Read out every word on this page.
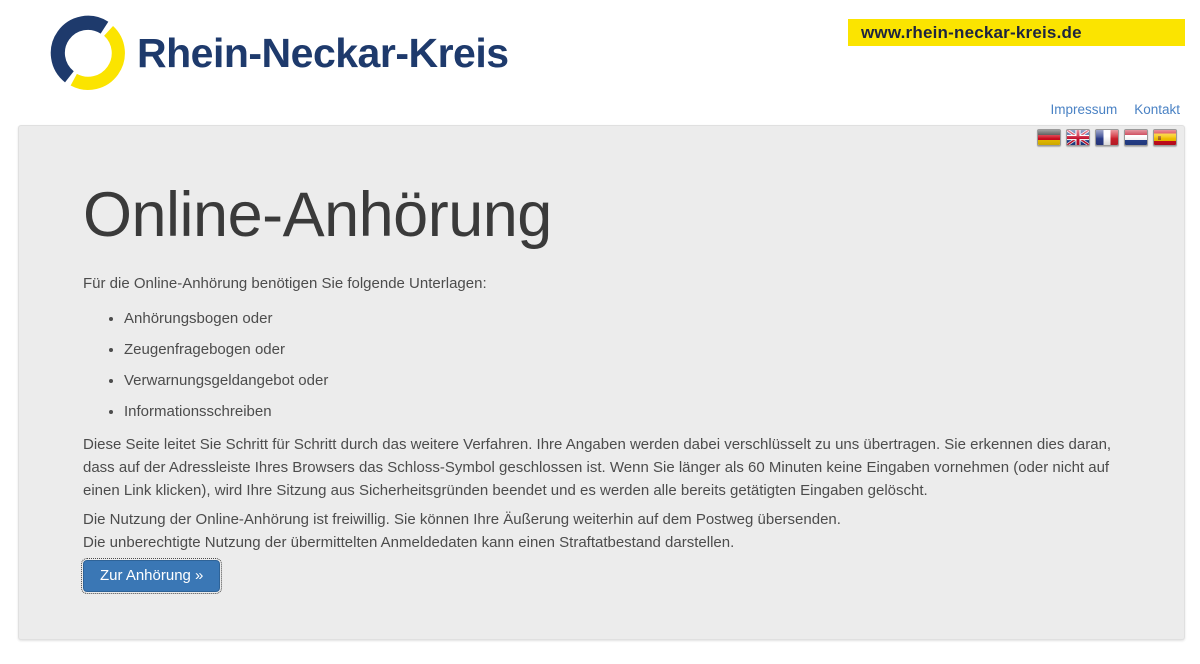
Rhein-Neckar-Kreis	www.rhein-neckar-kreis.de
Impressum Kontakt
Online-Anhörung

Für die Online-Anhörung benötigen Sie folgende Unterlagen:

• Anhörungsbogen oder
• Zeugenfragebogen oder
• Verwarnungsgeldangebot oder
• Informationsschreiben

Diese Seite leitet Sie Schritt für Schritt durch das weitere Verfahren. Ihre Angaben werden dabei verschlüsselt zu uns übertragen. Sie erkennen dies daran, dass auf der Adressleiste Ihres Browsers das Schloss-Symbol geschlossen ist. Wenn Sie länger als 60 Minuten keine Eingaben vornehmen (oder nicht auf einen Link klicken), wird Ihre Sitzung aus Sicherheitsgründen beendet und es werden alle bereits getätigten Eingaben gelöscht.

Die Nutzung der Online-Anhörung ist freiwillig. Sie können Ihre Äußerung weiterhin auf dem Postweg übersenden.
Die unberechtigte Nutzung der übermittelten Anmeldedaten kann einen Straftatbestand darstellen.

Zur Anhörung »
